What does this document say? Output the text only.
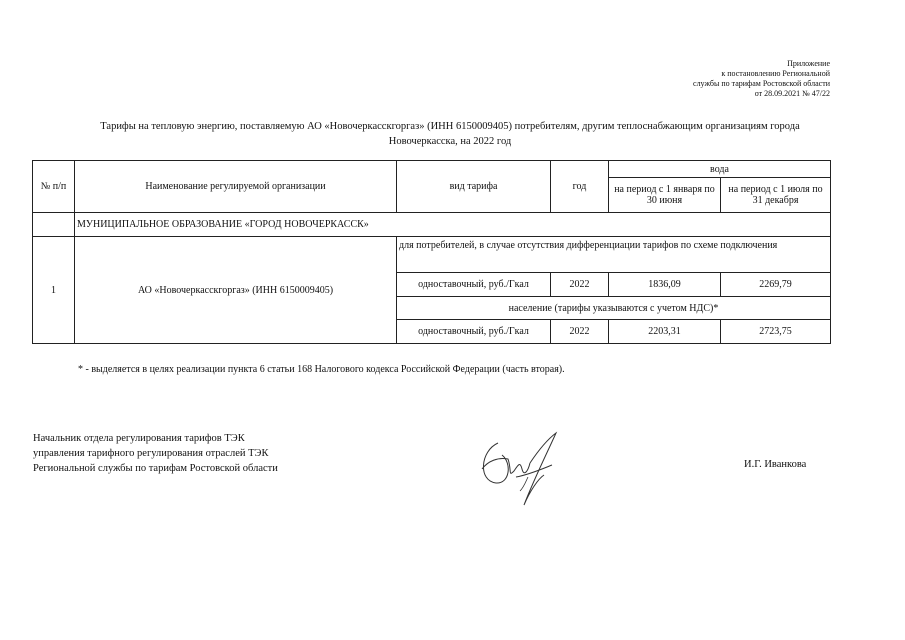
Приложение
к постановлению Региональной
службы по тарифам Ростовской области
от 28.09.2021 № 47/22
Тарифы на тепловую энергию, поставляемую АО «Новочеркасскгоргаз» (ИНН 6150009405) потребителям, другим теплоснабжающим организациям города
Новочеркасска, на 2022 год
№ п/п	Наименование регулируемой организации	вид тарифа	год	вода	
				на период с 1 января по 30 июня	на период с 1 июля по 31 декабря
	МУНИЦИПАЛЬНОЕ ОБРАЗОВАНИЕ «ГОРОД НОВОЧЕРКАССК»				
1	АО «Новочеркасскгоргаз» (ИНН 6150009405)	для потребителей, в случае отсутствия дифференциации тарифов по схеме подключения			
		одноставочный, руб./Гкал	2022	1836,09	2269,79
		население (тарифы указываются с учетом НДС)*			
		одноставочный, руб./Гкал	2022	2203,31	2723,75
* - выделяется в целях реализации пункта 6 статьи 168 Налогового кодекса Российской Федерации (часть вторая).
Начальник отдела регулирования тарифов ТЭК
управления тарифного регулирования отраслей ТЭК
Региональной службы по тарифам Ростовской области	И.Г. Иванкова
